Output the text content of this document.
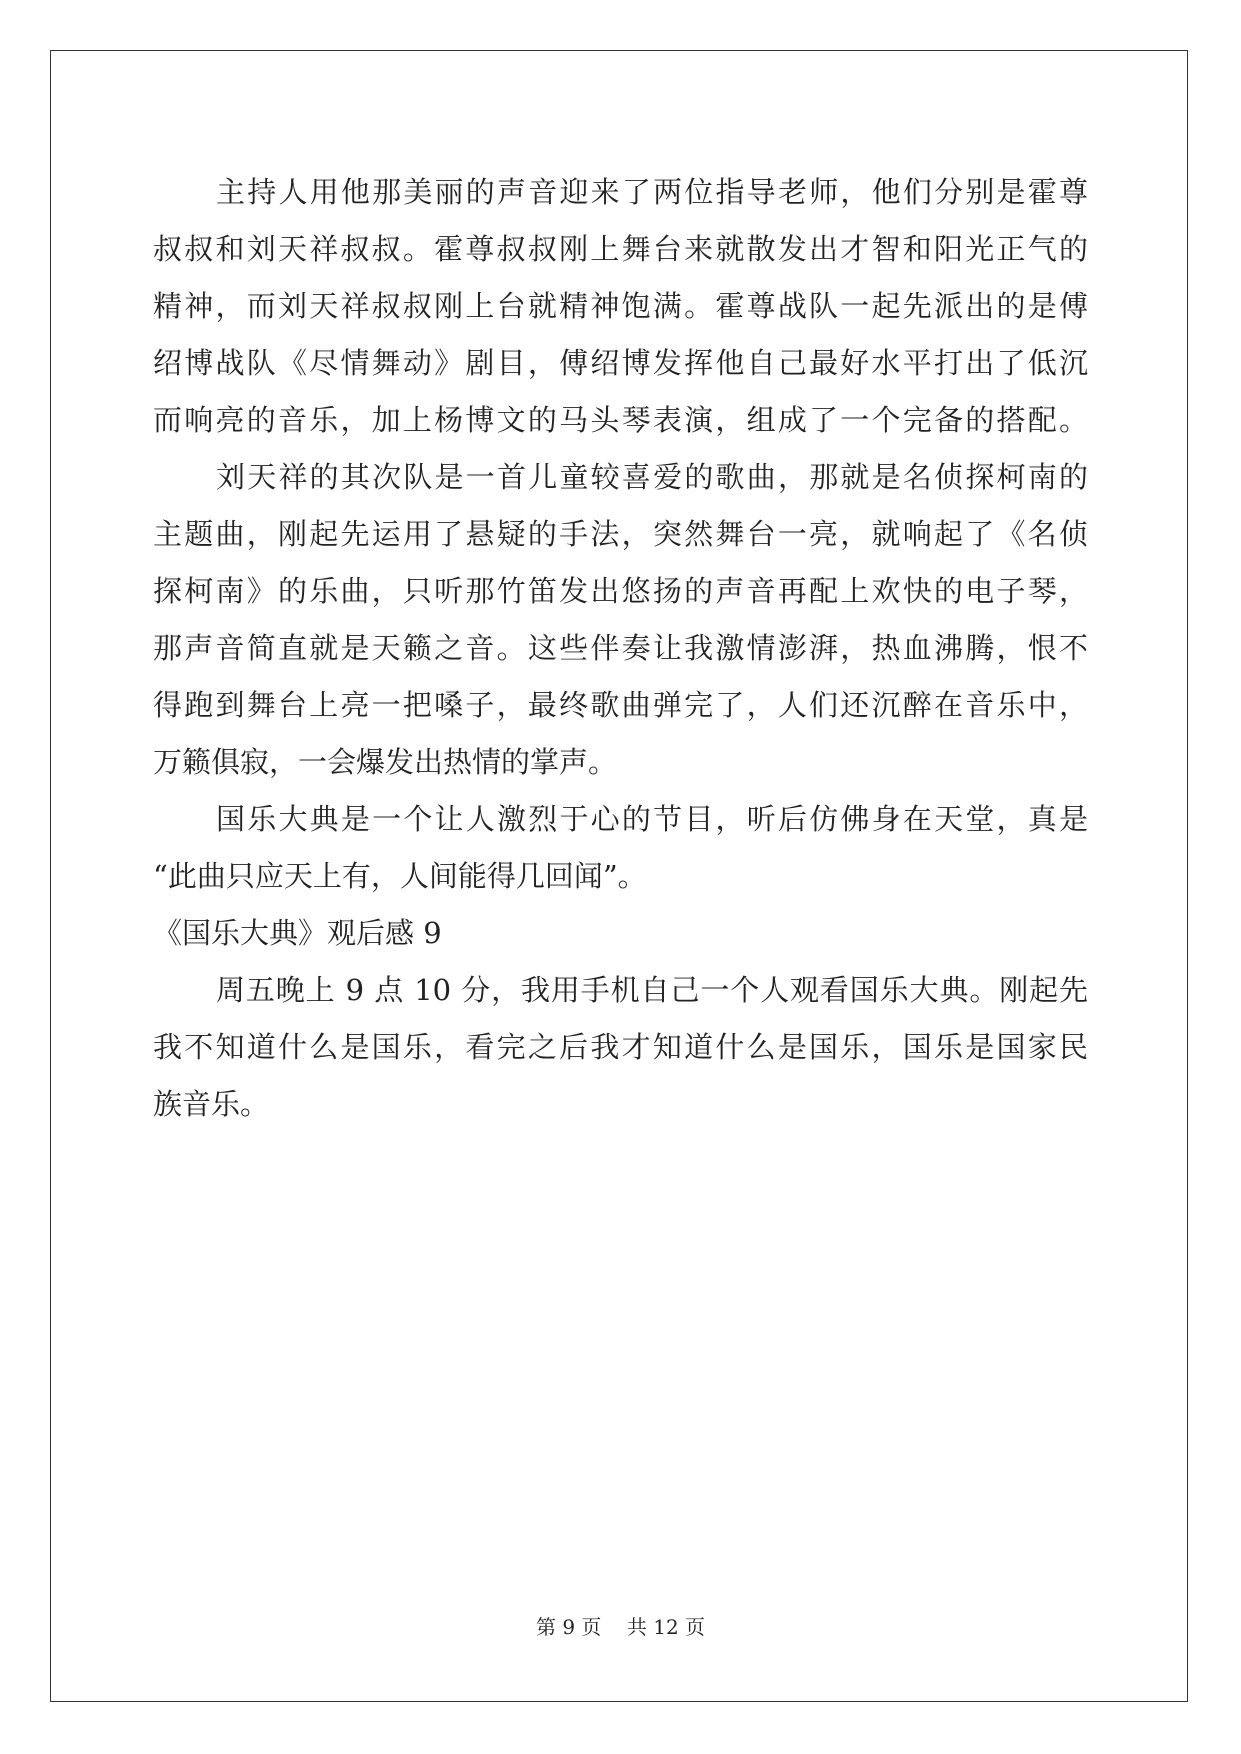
主持人用他那美丽的声音迎来了两位指导老师，他们分别是霍尊
叔叔和刘天祥叔叔。霍尊叔叔刚上舞台来就散发出才智和阳光正气的
精神，而刘天祥叔叔刚上台就精神饱满。霍尊战队一起先派出的是傅
绍博战队《尽情舞动》剧目，傅绍博发挥他自己最好水平打出了低沉
而响亮的音乐，加上杨博文的马头琴表演，组成了一个完备的搭配。
刘天祥的其次队是一首儿童较喜爱的歌曲，那就是名侦探柯南的
主题曲，刚起先运用了悬疑的手法，突然舞台一亮，就响起了《名侦
探柯南》的乐曲，只听那竹笛发出悠扬的声音再配上欢快的电子琴，
那声音简直就是天籁之音。这些伴奏让我激情澎湃，热血沸腾，恨不
得跑到舞台上亮一把嗓子，最终歌曲弹完了，人们还沉醉在音乐中，
万籁俱寂，一会爆发出热情的掌声。
国乐大典是一个让人激烈于心的节目，听后仿佛身在天堂，真是
“此曲只应天上有，人间能得几回闻”。
《国乐大典》观后感 9
周五晚上 9 点 10 分，我用手机自己一个人观看国乐大典。刚起先
我不知道什么是国乐，看完之后我才知道什么是国乐，国乐是国家民
族音乐。
第 9 页 共 12 页
